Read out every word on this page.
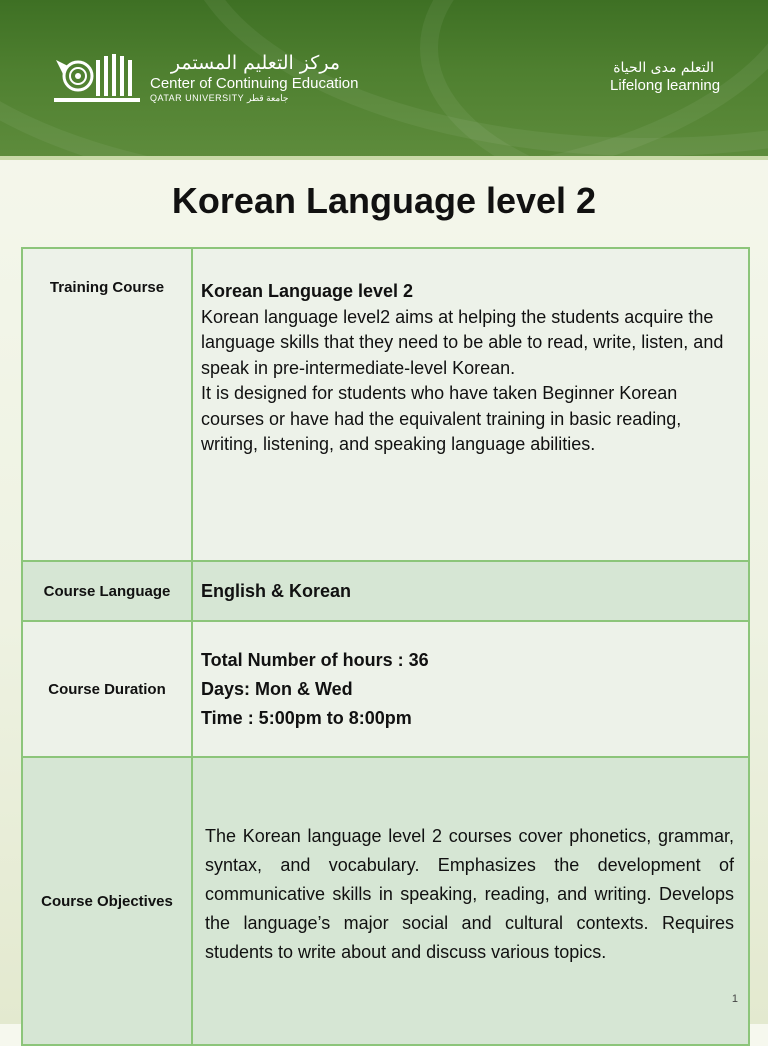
مركز التعليم المستمر
Center of Continuing Education
QATAR UNIVERSITY جامعة قطر
التعلم مدى الحياة
Lifelong learning
Korean Language level 2
Training Course	Korean Language level 2
Korean language level2 aims at helping the students acquire the language skills that they need to be able to read, write, listen, and speak in pre-intermediate-level Korean.
It is designed for students who have taken Beginner Korean courses or have had the equivalent training in basic reading, writing, listening, and speaking language abilities.

Course Language	English & Korean
Course Duration	Total Number of hours : 36
Days: Mon & Wed
Time : 5:00pm to 8:00pm

Course Objectives	The Korean language level 2 courses cover phonetics, grammar, syntax, and vocabulary. Emphasizes the development of communicative skills in speaking, reading, and writing. Develops the language’s major social and cultural contexts. Requires students to write about and discuss various topics.
1
